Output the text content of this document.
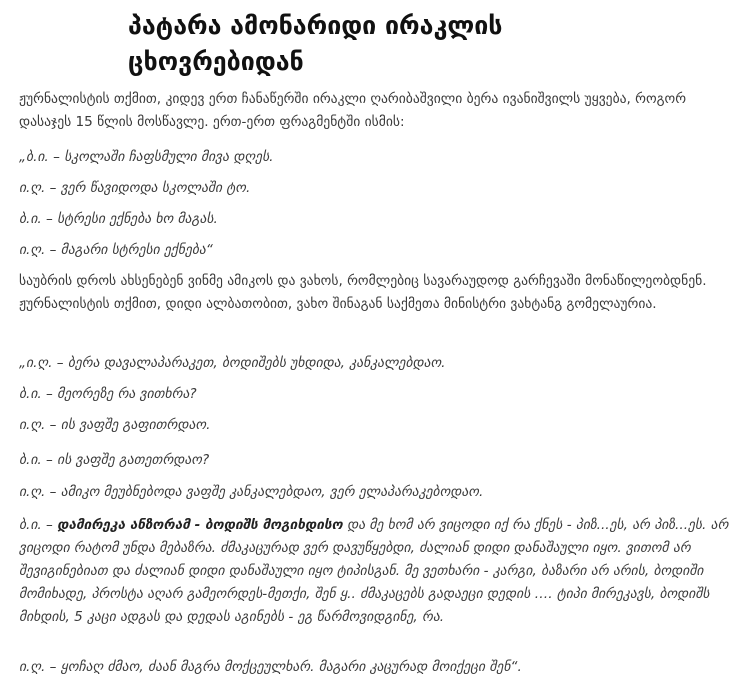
პატარა ამონარიდი ირაკლის
ცხოვრებიდან

ჟურნალისტის თქმით, კიდევ ერთ ჩანაწერში ირაკლი ღარიბაშვილი ბერა ივანიშვილს უყვება, როგორ დასაჯეს 15 წლის მოსწავლე. ერთ-ერთ ფრაგმენტში ისმის:

„ბ.ი. – სკოლაში ჩაფსმული მივა დღეს.

ი.ღ. – ვერ წავიდოდა სკოლაში ტო.

ბ.ი. – სტრესი ექნება ხო მაგას.

ი.ღ. – მაგარი სტრესი ექნება“

საუბრის დროს ახსენებენ ვინმე ამიკოს და ვახოს, რომლებიც სავარაუდოდ გარჩევაში მონაწილეობდნენ. ჟურნალისტის თქმით, დიდი ალბათობით, ვახო შინაგან საქმეთა მინისტრი ვახტანგ გომელაურია.

„ი.ღ. – ბერა დავალაპარაკეთ, ბოდიშებს უხდიდა, კანკალებდაო.

ბ.ი. – მეორეზე რა ვითხრა?

ი.ღ. – ის ვაფშე გაფითრდაო.

ბ.ი. – ის ვაფშე გათეთრდაო?

ი.ღ. – ამიკო მეუბნებოდა ვაფშე კანკალებდაო, ვერ ელაპარაკებოდაო.

ბ.ი. – დამირეკა ანზორამ - ბოდიშს მოგიხდისო და მე ხომ არ ვიცოდი იქ რა ქნეს - პიზ...ეს, არ პიზ...ეს. არ ვიცოდი რატომ უნდა მებაზრა. ძმაკაცურად ვერ დავუწყებდი, ძალიან დიდი დანაშაული იყო. ვითომ არ შევიგინებიათ და ძალიან დიდი დანაშაული იყო ტიპისგან. მე ვეთხარი - კარგი, ბაზარი არ არის, ბოდიში მომიხადე, პროსტა აღარ გამეორდეს-მეთქი, შენ ყ.. ძმაკაცებს გადაეცი დედის …. ტიპი მირეკავს, ბოდიშს მიხდის, 5 კაცი ადგას და დედას აგინებს - ეგ წარმოვიდგინე, რა.

ი.ღ. – ყოჩაღ ძმაო, ძაან მაგრა მოქცეულხარ. მაგარი კაცურად მოიქეცი შენ“.
